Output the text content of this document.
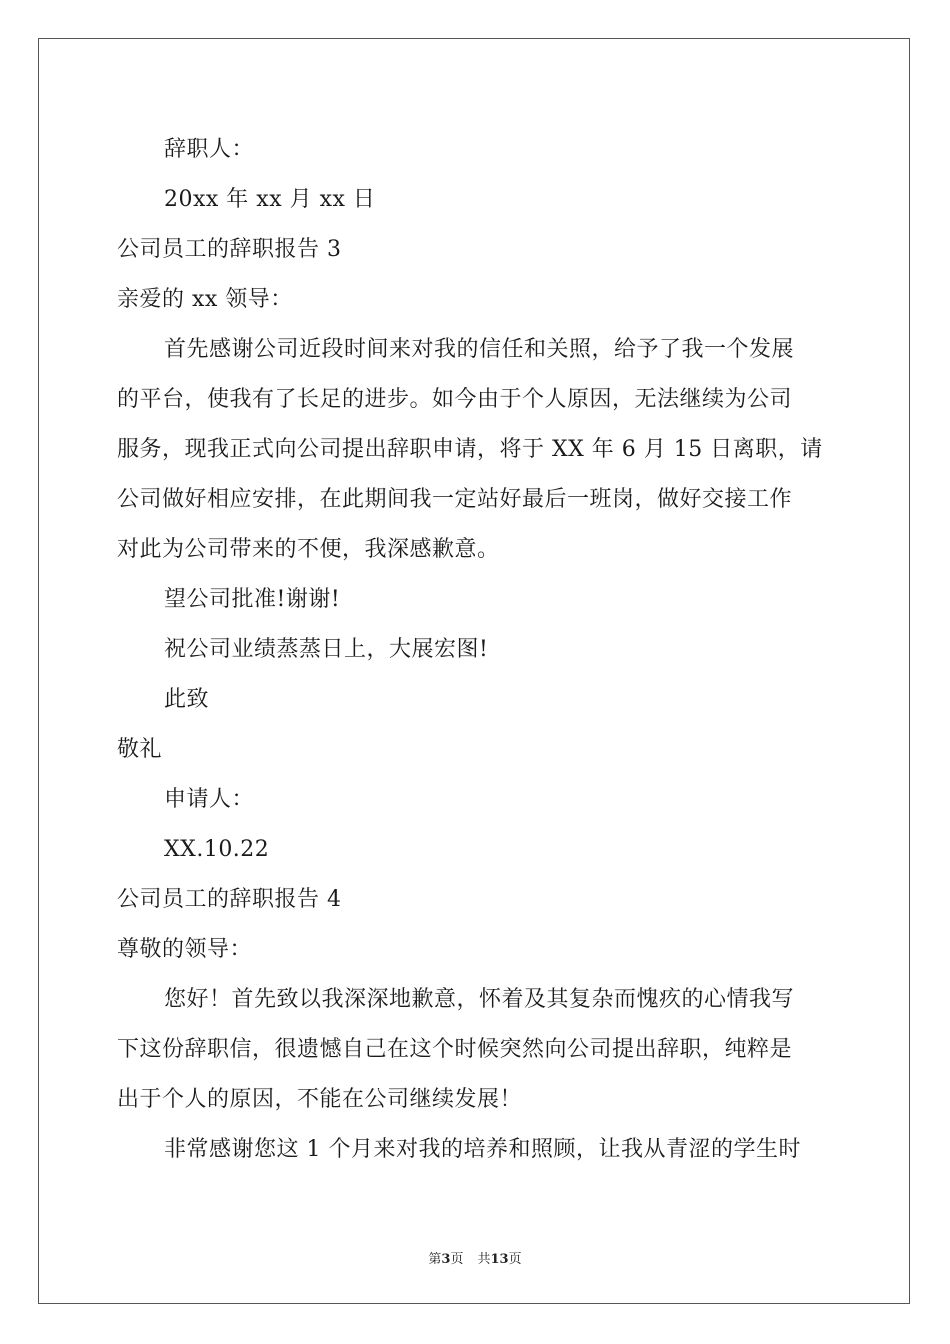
辞职人：
20xx 年 xx 月 xx 日
公司员工的辞职报告 3
亲爱的 xx 领导：
首先感谢公司近段时间来对我的信任和关照，给予了我一个发展
的平台，使我有了长足的进步。如今由于个人原因，无法继续为公司
服务，现我正式向公司提出辞职申请，将于 XX 年 6 月 15 日离职，请
公司做好相应安排，在此期间我一定站好最后一班岗，做好交接工作
对此为公司带来的不便，我深感歉意。
望公司批准!谢谢!
祝公司业绩蒸蒸日上，大展宏图!
此致
敬礼
申请人：
XX.10.22
公司员工的辞职报告 4
尊敬的领导：
您好！首先致以我深深地歉意，怀着及其复杂而愧疚的心情我写
下这份辞职信，很遗憾自己在这个时候突然向公司提出辞职，纯粹是
出于个人的原因，不能在公司继续发展！
非常感谢您这 1 个月来对我的培养和照顾，让我从青涩的学生时
第3页 共13页
